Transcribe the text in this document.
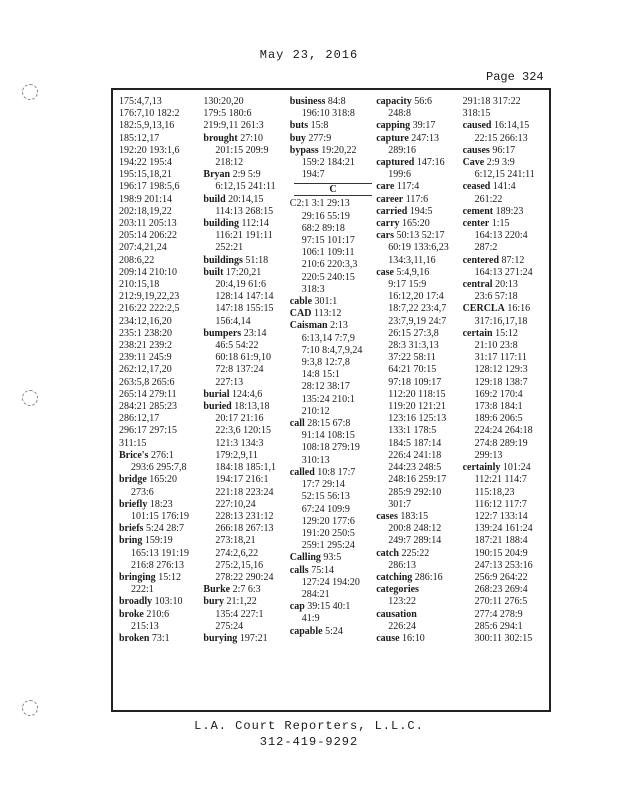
May 23, 2016
Page 324
175:4,7,13
176:7,10 182:2
182:5,9,13,16
185:12,17
192:20 193:1,6
194:22 195:4
195:15,18,21
196:17 198:5,6
198:9 201:14
202:18,19,22
203:11 205:13
205:14 206:22
207:4,21,24
208:6,22
209:14 210:10
210:15,18
212:9,19,22,23
216:22 222:2,5
234:12,16,20
235:1 238:20
238:21 239:2
239:11 245:9
262:12,17,20
263:5,8 265:6
265:14 279:11
284:21 285:23
286:12,17
296:17 297:15
311:15
Brice's 276:1
293:6 295:7,8
bridge 165:20
273:6
briefly 18:23
101:15 176:19
briefs 5:24 28:7
bring 159:19
165:13 191:19
216:8 276:13
bringing 15:12
222:1
broadly 103:10
broke 210:6
215:13
broken 73:1
130:20,20
179:5 180:6
219:9,11 261:3
brought 27:10
201:15 209:9
218:12
Bryan 2:9 5:9
6:12,15 241:11
build 20:14,15
114:13 268:15
building 112:14
116:21 191:11
252:21
buildings 51:18
built 17:20,21
20:4,19 61:6
128:14 147:14
147:18 155:15
156:4,14
bumpers 23:14
46:5 54:22
60:18 61:9,10
72:8 137:24
227:13
burial 124:4,6
buried 18:13,18
20:17 21:16
22:3,6 120:15
121:3 134:3
179:2,9,11
184:18 185:1,1
194:17 216:1
221:18 223:24
227:10,24
228:13 231:12
266:18 267:13
273:18,21
274:2,6,22
275:2,15,16
278:22 290:24
Burke 2:7 6:3
bury 21:1,22
135:4 227:1
275:24
burying 197:21
business 84:8
196:10 318:8
buts 15:8
buy 277:9
bypass 19:20,22
159:2 184:21
194:7
C
C2:1 3:1 29:13
29:16 55:19
68:2 89:18
97:15 101:17
106:1 109:11
210:6 220:3,3
220:5 240:15
318:3
cable 301:1
CAD 113:12
Caisman 2:13
6:13,14 7:7,9
7:10 8:4,7,9,24
9:3,8 12:7,8
14:8 15:1
28:12 38:17
135:24 210:1
210:12
call 28:15 67:8
91:14 108:15
108:18 279:19
310:13
called 10:8 17:7
17:7 29:14
52:15 56:13
67:24 109:9
129:20 177:6
191:20 250:5
259:1 295:24
Calling 93:5
calls 75:14
127:24 194:20
284:21
cap 39:15 40:1
41:9
capable 5:24
capacity 56:6
248:8
capping 39:17
capture 247:13
289:16
captured 147:16
199:6
care 117:4
career 117:6
carried 194:5
carry 165:20
cars 50:13 52:17
60:19 133:6,23
134:3,11,16
case 5:4,9,16
9:17 15:9
16:12,20 17:4
18:7,22 23:4,7
23:7,9,19 24:7
26:15 27:3,8
28:3 31:3,13
37:22 58:11
64:21 70:15
97:18 109:17
112:20 118:15
119:20 121:21
123:16 125:13
133:1 178:5
184:5 187:14
226:4 241:18
244:23 248:5
248:16 259:17
285:9 292:10
301:7
cases 183:15
200:8 248:12
249:7 289:14
catch 225:22
286:13
catching 286:16
categories
123:22
causation
226:24
cause 16:10
291:18 317:22
318:15
caused 16:14,15
22:15 266:13
causes 96:17
Cave 2:9 3:9
6:12,15 241:11
ceased 141:4
261:22
cement 189:23
center 1:15
164:13 220:4
287:2
centered 87:12
164:13 271:24
central 20:13
23:6 57:18
CERCLA 16:16
317:16,17,18
certain 15:12
21:10 23:8
31:17 117:11
128:12 129:3
129:18 138:7
169:2 170:4
173:8 184:1
189:6 206:5
224:24 264:18
274:8 289:19
299:13
certainly 101:24
112:21 114:7
115:18,23
116:12 117:7
122:7 133:14
139:24 161:24
187:21 188:4
190:15 204:9
247:13 253:16
256:9 264:22
268:23 269:4
270:11 276:5
277:4 278:9
285:6 294:1
300:11 302:15
L.A. Court Reporters, L.L.C.
312-419-9292
